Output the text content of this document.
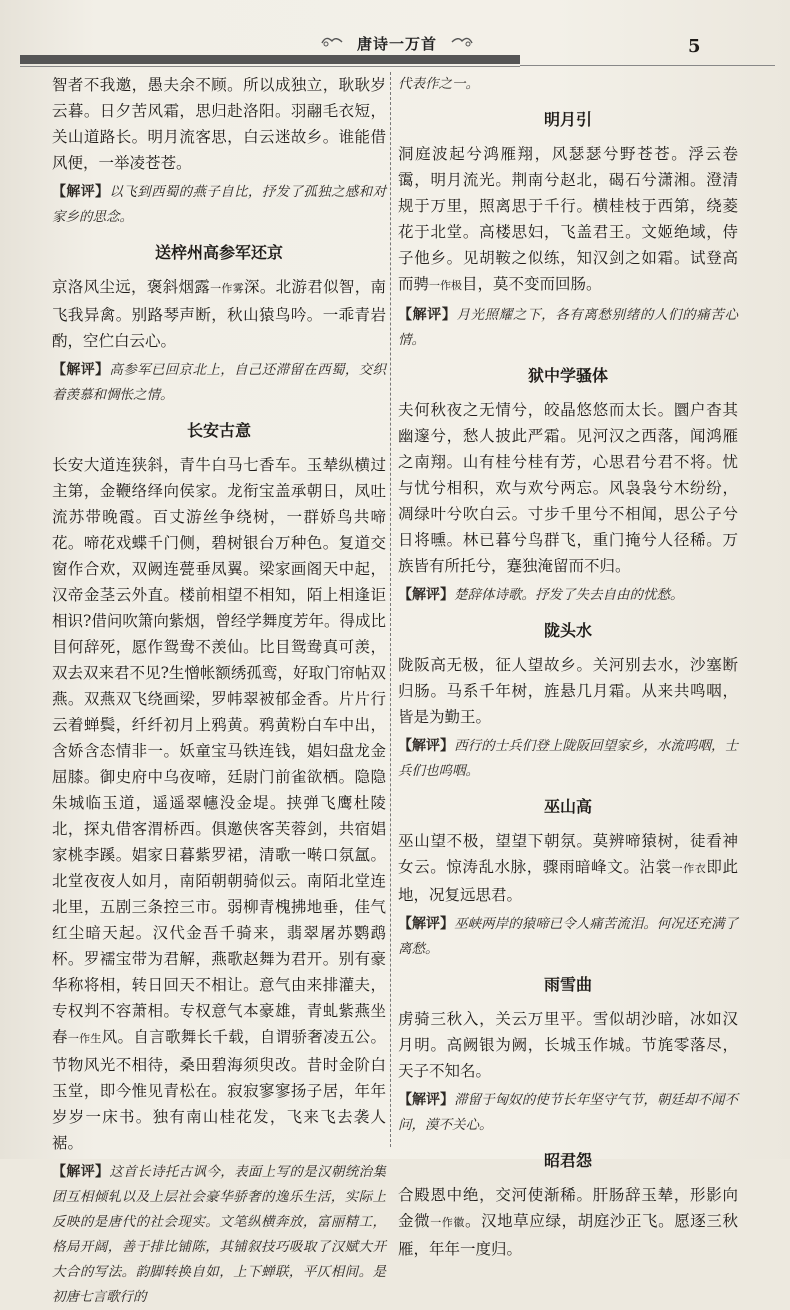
唐诗一万首	5

智者不我邀，愚夫余不顾。所以成独立，耿耿岁云暮。日夕苦风霜，思归赴洛阳。羽翮毛衣短，关山道路长。明月流客思，白云迷故乡。谁能借风便，一举凌苍苍。

【解评】以飞到西蜀的燕子自比，抒发了孤独之感和对家乡的思念。

送梓州高参军还京

京洛风尘远，褒斜烟露一作雾深。北游君似智，南飞我异禽。别路琴声断，秋山猿鸟吟。一乖青岩酌，空伫白云心。

【解评】高参军已回京北上，自己还滞留在西蜀，交织着羡慕和惆怅之情。

长安古意

长安大道连狭斜，青牛白马七香车。玉辇纵横过主第，金鞭络绎向侯家。龙衔宝盖承朝日，凤吐流苏带晚霞。百丈游丝争绕树，一群娇鸟共啼花。啼花戏蝶千门侧，碧树银台万种色。复道交窗作合欢，双阙连甍垂凤翼。梁家画阁天中起，汉帝金茎云外直。楼前相望不相知，陌上相逢讵相识?借问吹箫向紫烟，曾经学舞度芳年。得成比目何辞死，愿作鸳鸯不羡仙。比目鸳鸯真可羡，双去双来君不见?生憎帐额绣孤鸾，好取门帘帖双燕。双燕双飞绕画梁，罗帏翠被郁金香。片片行云着蝉鬓，纤纤初月上鸦黄。鸦黄粉白车中出，含娇含态情非一。妖童宝马铁连钱，娼妇盘龙金屈膝。御史府中乌夜啼，廷尉门前雀欲栖。隐隐朱城临玉道，遥遥翠幰没金堤。挟弹飞鹰杜陵北，探丸借客渭桥西。俱邀侠客芙蓉剑，共宿娼家桃李蹊。娼家日暮紫罗裙，清歌一啭口氛氲。北堂夜夜人如月，南陌朝朝骑似云。南陌北堂连北里，五剧三条控三市。弱柳青槐拂地垂，佳气红尘暗天起。汉代金吾千骑来，翡翠屠苏鹦鹉杯。罗襦宝带为君解，燕歌赵舞为君开。别有豪华称将相，转日回天不相让。意气由来排灌夫，专权判不容萧相。专权意气本豪雄，青虬紫燕坐春一作生风。自言歌舞长千载，自谓骄奢凌五公。节物风光不相待，桑田碧海须臾改。昔时金阶白玉堂，即今惟见青松在。寂寂寥寥扬子居，年年岁岁一床书。独有南山桂花发，飞来飞去袭人裾。

【解评】这首长诗托古讽今，表面上写的是汉朝统治集团互相倾轧以及上层社会豪华骄奢的逸乐生活，实际上反映的是唐代的社会现实。文笔纵横奔放，富丽精工，格局开阔，善于排比铺陈，其铺叙技巧吸取了汉赋大开大合的写法。韵脚转换自如，上下蝉联，平仄相间。是初唐七言歌行的

代表作之一。

明月引

洞庭波起兮鸿雁翔，风瑟瑟兮野苍苍。浮云卷霭，明月流光。荆南兮赵北，碣石兮潇湘。澄清规于万里，照离思于千行。横桂枝于西第，绕菱花于北堂。高楼思妇，飞盖君王。文姬绝域，侍子他乡。见胡鞍之似练，知汉剑之如霜。试登高而骋一作极目，莫不变而回肠。

【解评】月光照耀之下，各有离愁别绪的人们的痛苦心情。

狱中学骚体

夫何秋夜之无情兮，皎晶悠悠而太长。圜户杳其幽邃兮，愁人披此严霜。见河汉之西落，闻鸿雁之南翔。山有桂兮桂有芳，心思君兮君不将。忧与忧兮相积，欢与欢兮两忘。风袅袅兮木纷纷，凋绿叶兮吹白云。寸步千里兮不相闻，思公子兮日将曛。林已暮兮鸟群飞，重门掩兮人径稀。万族皆有所托兮，蹇独淹留而不归。

【解评】楚辞体诗歌。抒发了失去自由的忧愁。

陇头水

陇阪高无极，征人望故乡。关河别去水，沙塞断归肠。马系千年树，旌悬几月霜。从来共鸣咽，皆是为勤王。

【解评】西行的士兵们登上陇阪回望家乡，水流呜咽，士兵们也呜咽。

巫山高

巫山望不极，望望下朝氛。莫辨啼猿树，徒看神女云。惊涛乱水脉，骤雨暗峰文。沾裳一作衣即此地，况复远思君。

【解评】巫峡两岸的猿啼已令人痛苦流泪。何况还充满了离愁。

雨雪曲

虏骑三秋入，关云万里平。雪似胡沙暗，冰如汉月明。高阙银为阙，长城玉作城。节旄零落尽，天子不知名。

【解评】滞留于匈奴的使节长年坚守气节，朝廷却不闻不问，漠不关心。

昭君怨

合殿恩中绝，交河使渐稀。肝肠辞玉辇，形影向金微一作徽。汉地草应绿，胡庭沙正飞。愿逐三秋雁，年年一度归。
